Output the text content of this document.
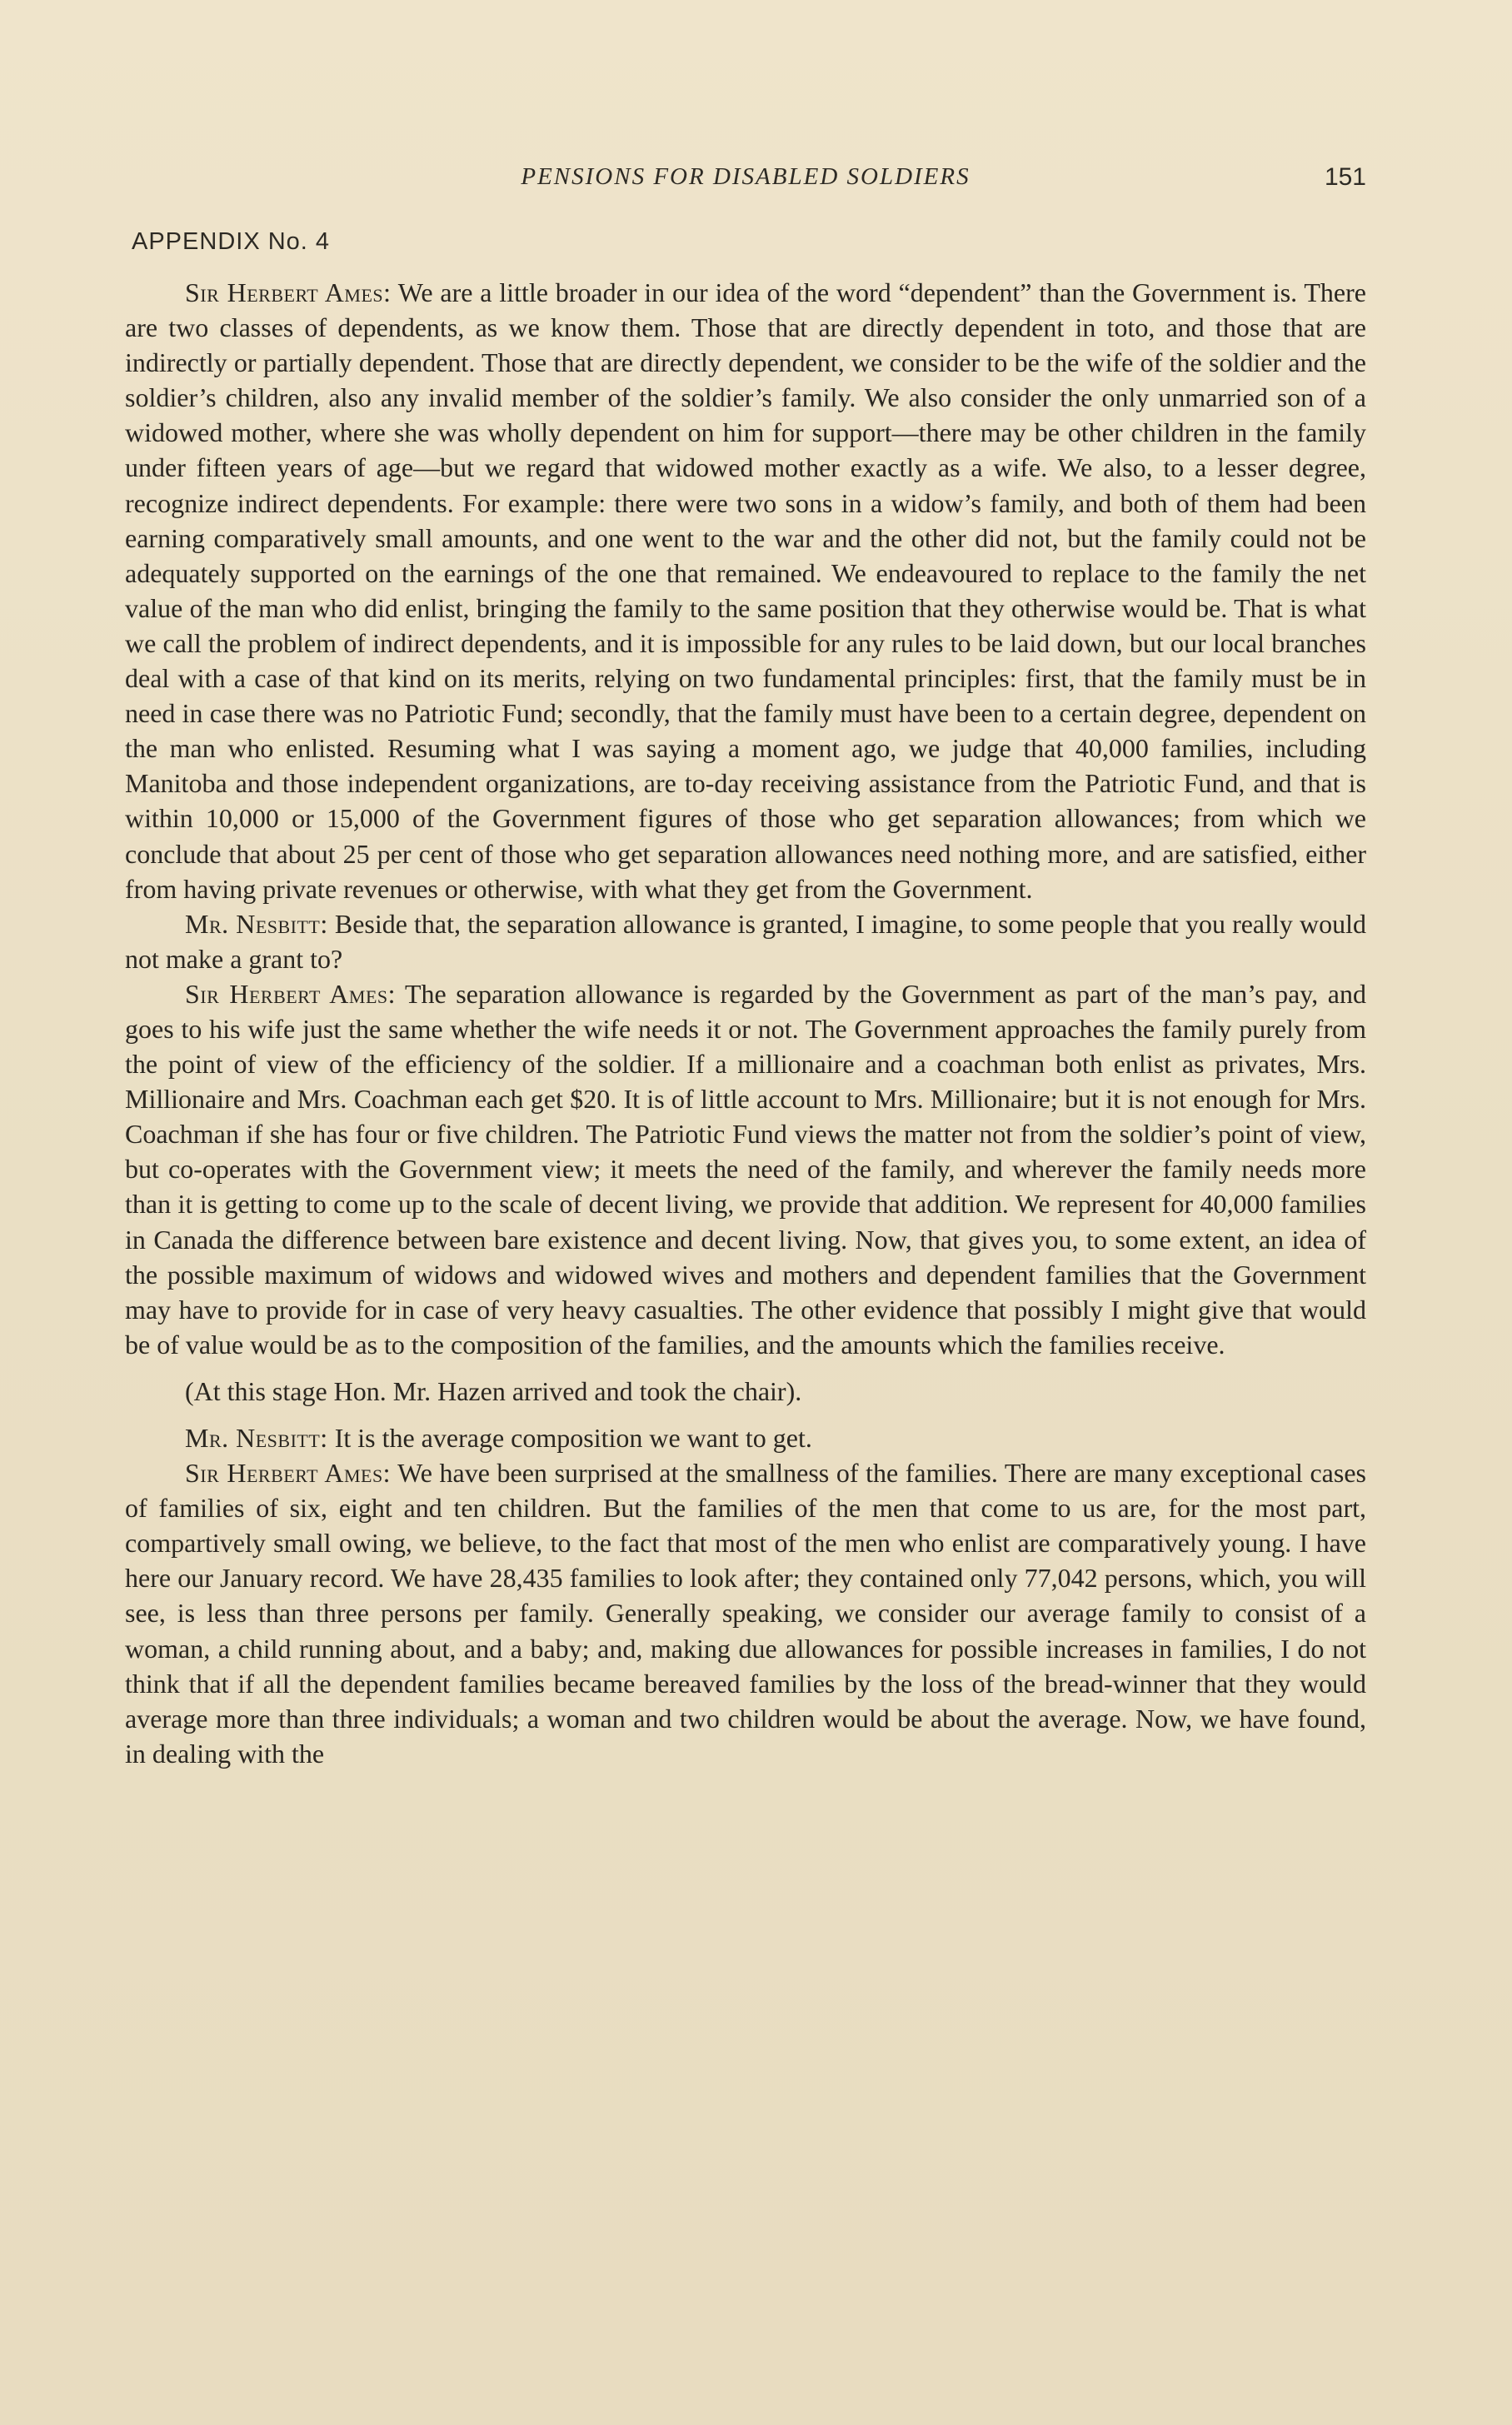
PENSIONS FOR DISABLED SOLDIERS	151
APPENDIX No. 4

Sir Herbert Ames: We are a little broader in our idea of the word “dependent” than the Government is. There are two classes of dependents, as we know them. Those that are directly dependent in toto, and those that are indirectly or partially dependent. Those that are directly dependent, we consider to be the wife of the soldier and the soldier’s children, also any invalid member of the soldier’s family. We also consider the only unmarried son of a widowed mother, where she was wholly dependent on him for support—there may be other children in the family under fifteen years of age—but we regard that widowed mother exactly as a wife. We also, to a lesser degree, recognize indirect dependents. For example: there were two sons in a widow’s family, and both of them had been earning comparatively small amounts, and one went to the war and the other did not, but the family could not be adequately supported on the earnings of the one that remained. We endeavoured to replace to the family the net value of the man who did enlist, bringing the family to the same position that they otherwise would be. That is what we call the problem of indirect dependents, and it is impossible for any rules to be laid down, but our local branches deal with a case of that kind on its merits, relying on two fundamental principles: first, that the family must be in need in case there was no Patriotic Fund; secondly, that the family must have been to a certain degree, dependent on the man who enlisted. Resuming what I was saying a moment ago, we judge that 40,000 families, including Manitoba and those independent organizations, are to-day receiving assistance from the Patriotic Fund, and that is within 10,000 or 15,000 of the Government figures of those who get separation allowances; from which we conclude that about 25 per cent of those who get separation allowances need nothing more, and are satisfied, either from having private revenues or otherwise, with what they get from the Government.

Mr. Nesbitt: Beside that, the separation allowance is granted, I imagine, to some people that you really would not make a grant to?

Sir Herbert Ames: The separation allowance is regarded by the Government as part of the man’s pay, and goes to his wife just the same whether the wife needs it or not. The Government approaches the family purely from the point of view of the efficiency of the soldier. If a millionaire and a coachman both enlist as privates, Mrs. Millionaire and Mrs. Coachman each get $20. It is of little account to Mrs. Millionaire; but it is not enough for Mrs. Coachman if she has four or five children. The Patriotic Fund views the matter not from the soldier’s point of view, but co-operates with the Government view; it meets the need of the family, and wherever the family needs more than it is getting to come up to the scale of decent living, we provide that addition. We represent for 40,000 families in Canada the difference between bare existence and decent living. Now, that gives you, to some extent, an idea of the possible maximum of widows and widowed wives and mothers and dependent families that the Government may have to provide for in case of very heavy casualties. The other evidence that possibly I might give that would be of value would be as to the composition of the families, and the amounts which the families receive.

(At this stage Hon. Mr. Hazen arrived and took the chair).

Mr. Nesbitt: It is the average composition we want to get.

Sir Herbert Ames: We have been surprised at the smallness of the families. There are many exceptional cases of families of six, eight and ten children. But the families of the men that come to us are, for the most part, compartively small owing, we believe, to the fact that most of the men who enlist are comparatively young. I have here our January record. We have 28,435 families to look after; they contained only 77,042 persons, which, you will see, is less than three persons per family. Generally speaking, we consider our average family to consist of a woman, a child running about, and a baby; and, making due allowances for possible increases in families, I do not think that if all the dependent families became bereaved families by the loss of the bread-winner that they would average more than three individuals; a woman and two children would be about the average. Now, we have found, in dealing with the
